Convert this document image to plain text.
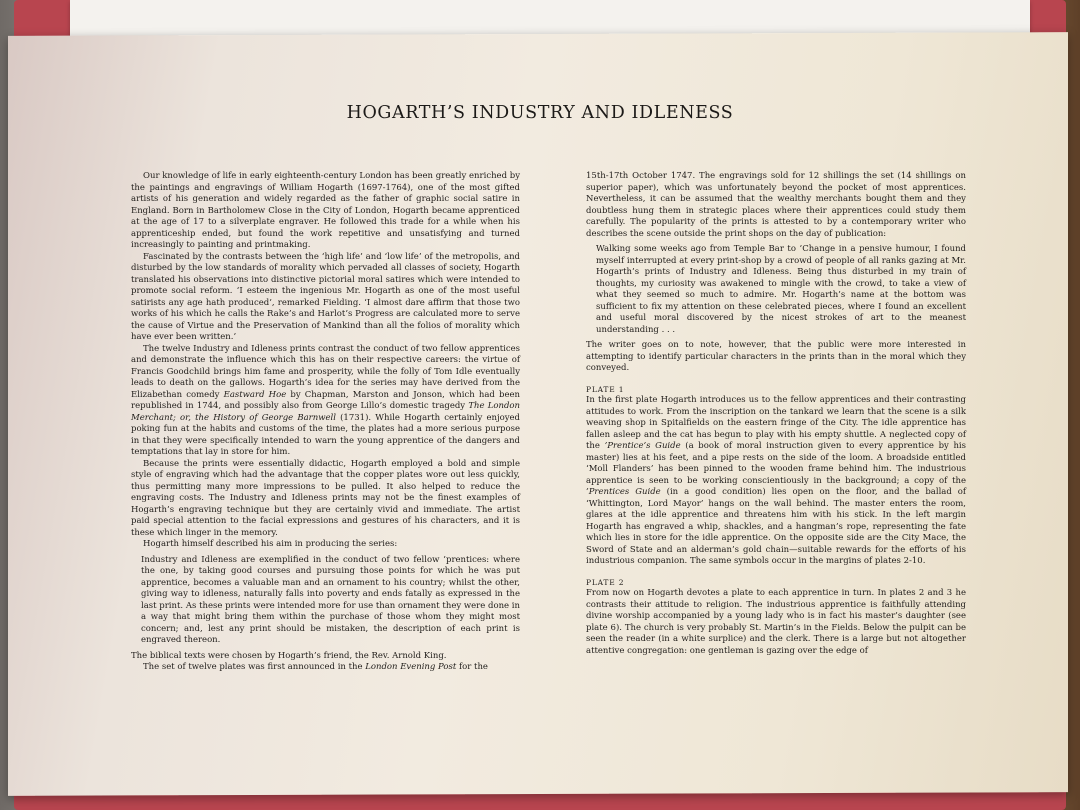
HOGARTH’S INDUSTRY AND IDLENESS

Our knowledge of life in early eighteenth-century London has been greatly enriched by the paintings and engravings of William Hogarth (1697-1764), one of the most gifted artists of his generation and widely regarded as the father of graphic social satire in England. Born in Bartholomew Close in the City of London, Hogarth became apprenticed at the age of 17 to a silverplate engraver. He followed this trade for a while when his apprenticeship ended, but found the work repetitive and unsatisfying and turned increasingly to painting and printmaking.

Fascinated by the contrasts between the ‘high life’ and ‘low life’ of the metropolis, and disturbed by the low standards of morality which pervaded all classes of society, Hogarth translated his observations into distinctive pictorial moral satires which were intended to promote social reform. ‘I esteem the ingenious Mr. Hogarth as one of the most useful satirists any age hath produced’, remarked Fielding. ‘I almost dare affirm that those two works of his which he calls the Rake’s and Harlot’s Progress are calculated more to serve the cause of Virtue and the Preservation of Mankind than all the folios of morality which have ever been written.’

The twelve Industry and Idleness prints contrast the conduct of two fellow apprentices and demonstrate the influence which this has on their respective careers: the virtue of Francis Goodchild brings him fame and prosperity, while the folly of Tom Idle eventually leads to death on the gallows. Hogarth’s idea for the series may have derived from the Elizabethan comedy Eastward Hoe by Chapman, Marston and Jonson, which had been republished in 1744, and possibly also from George Lillo’s domestic tragedy The London Merchant; or, the History of George Barnwell (1731). While Hogarth certainly enjoyed poking fun at the habits and customs of the time, the plates had a more serious purpose in that they were specifically intended to warn the young apprentice of the dangers and temptations that lay in store for him.

Because the prints were essentially didactic, Hogarth employed a bold and simple style of engraving which had the advantage that the copper plates wore out less quickly, thus permitting many more impressions to be pulled. It also helped to reduce the engraving costs. The Industry and Idleness prints may not be the finest examples of Hogarth’s engraving technique but they are certainly vivid and immediate. The artist paid special attention to the facial expressions and gestures of his characters, and it is these which linger in the memory.

Hogarth himself described his aim in producing the series:

Industry and Idleness are exemplified in the conduct of two fellow ’prentices: where the one, by taking good courses and pursuing those points for which he was put apprentice, becomes a valuable man and an ornament to his country; whilst the other, giving way to idleness, naturally falls into poverty and ends fatally as expressed in the last print. As these prints were intended more for use than ornament they were done in a way that might bring them within the purchase of those whom they might most concern; and, lest any print should be mistaken, the description of each print is engraved thereon.

The biblical texts were chosen by Hogarth’s friend, the Rev. Arnold King.

The set of twelve plates was first announced in the London Evening Post for the

15th-17th October 1747. The engravings sold for 12 shillings the set (14 shillings on superior paper), which was unfortunately beyond the pocket of most apprentices. Nevertheless, it can be assumed that the wealthy merchants bought them and they doubtless hung them in strategic places where their apprentices could study them carefully. The popularity of the prints is attested to by a contemporary writer who describes the scene outside the print shops on the day of publication:

Walking some weeks ago from Temple Bar to ’Change in a pensive humour, I found myself interrupted at every print-shop by a crowd of people of all ranks gazing at Mr. Hogarth’s prints of Industry and Idleness. Being thus disturbed in my train of thoughts, my curiosity was awakened to mingle with the crowd, to take a view of what they seemed so much to admire. Mr. Hogarth’s name at the bottom was sufficient to fix my attention on these celebrated pieces, where I found an excellent and useful moral discovered by the nicest strokes of art to the meanest understanding . . .

The writer goes on to note, however, that the public were more interested in attempting to identify particular characters in the prints than in the moral which they conveyed.

PLATE 1

In the first plate Hogarth introduces us to the fellow apprentices and their contrasting attitudes to work. From the inscription on the tankard we learn that the scene is a silk weaving shop in Spitalfields on the eastern fringe of the City. The idle apprentice has fallen asleep and the cat has begun to play with his empty shuttle. A neglected copy of the ’Prentice’s Guide (a book of moral instruction given to every apprentice by his master) lies at his feet, and a pipe rests on the side of the loom. A broadside entitled ‘Moll Flanders’ has been pinned to the wooden frame behind him. The industrious apprentice is seen to be working conscientiously in the background; a copy of the ’Prentices Guide (in a good condition) lies open on the floor, and the ballad of ‘Whittington, Lord Mayor’ hangs on the wall behind. The master enters the room, glares at the idle apprentice and threatens him with his stick. In the left margin Hogarth has engraved a whip, shackles, and a hangman’s rope, representing the fate which lies in store for the idle apprentice. On the opposite side are the City Mace, the Sword of State and an alderman’s gold chain—suitable rewards for the efforts of his industrious companion. The same symbols occur in the margins of plates 2-10.

PLATE 2

From now on Hogarth devotes a plate to each apprentice in turn. In plates 2 and 3 he contrasts their attitude to religion. The industrious apprentice is faithfully attending divine worship accompanied by a young lady who is in fact his master’s daughter (see plate 6). The church is very probably St. Martin’s in the Fields. Below the pulpit can be seen the reader (in a white surplice) and the clerk. There is a large but not altogether attentive congregation: one gentleman is gazing over the edge of
